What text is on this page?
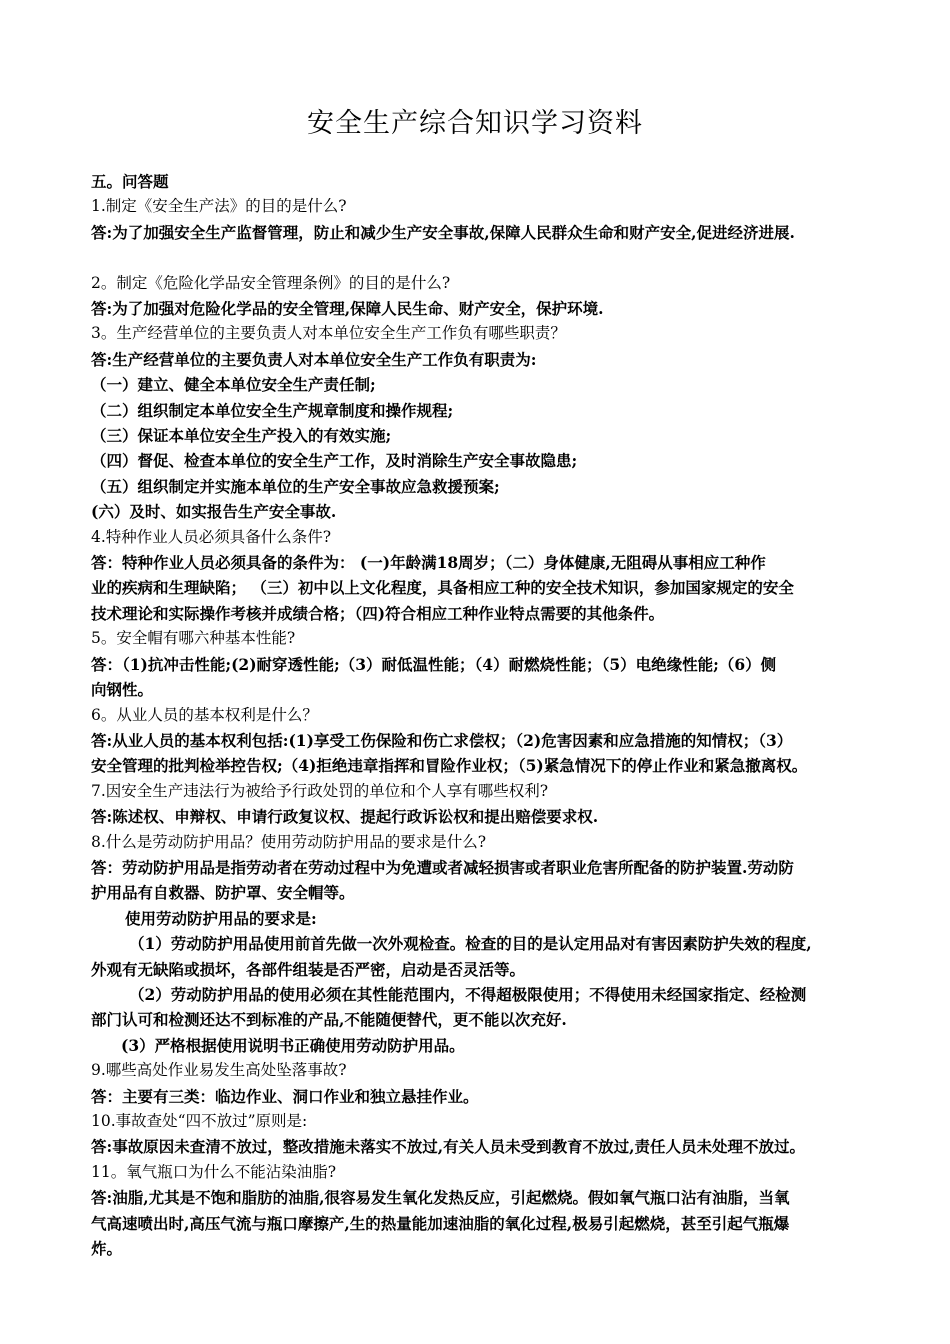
安全生产综合知识学习资料
五。问答题
1.制定《安全生产法》的目的是什么?
答:为了加强安全生产监督管理，防止和减少生产安全事故,保障人民群众生命和财产安全,促进经济进展.
2。制定《危险化学品安全管理条例》的目的是什么?
答:为了加强对危险化学品的安全管理,保障人民生命、财产安全，保护环境.
3。生产经营单位的主要负责人对本单位安全生产工作负有哪些职责？
答:生产经营单位的主要负责人对本单位安全生产工作负有职责为:
（一）建立、健全本单位安全生产责任制;
（二）组织制定本单位安全生产规章制度和操作规程;
（三）保证本单位安全生产投入的有效实施;
（四）督促、检查本单位的安全生产工作，及时消除生产安全事故隐患;
（五）组织制定并实施本单位的生产安全事故应急救援预案;
(六）及时、如实报告生产安全事故.
4.特种作业人员必须具备什么条件?
答：特种作业人员必须具备的条件为： (一)年龄满18周岁；（二）身体健康,无阻碍从事相应工种作
业的疾病和生理缺陷； （三）初中以上文化程度，具备相应工种的安全技术知识，参加国家规定的安全
技术理论和实际操作考核并成绩合格；（四)符合相应工种作业特点需要的其他条件。
5。安全帽有哪六种基本性能?
答：（1)抗冲击性能;(2)耐穿透性能;（3）耐低温性能；（4）耐燃烧性能；（5）电绝缘性能;（6）侧
向钢性。
6。从业人员的基本权利是什么？
答:从业人员的基本权利包括:(1)享受工伤保险和伤亡求偿权；（2)危害因素和应急措施的知情权；（3）
安全管理的批判检举控告权;（4)拒绝违章指挥和冒险作业权；（5)紧急情况下的停止作业和紧急撤离权。
7.因安全生产违法行为被给予行政处罚的单位和个人享有哪些权利?
答:陈述权、申辩权、申请行政复议权、提起行政诉讼权和提出赔偿要求权.
8.什么是劳动防护用品？使用劳动防护用品的要求是什么?
答：劳动防护用品是指劳动者在劳动过程中为免遭或者减轻损害或者职业危害所配备的防护装置.劳动防
护用品有自救器、防护罩、安全帽等。
使用劳动防护用品的要求是:
（1）劳动防护用品使用前首先做一次外观检查。检查的目的是认定用品对有害因素防护失效的程度,
外观有无缺陷或损坏，各部件组装是否严密，启动是否灵活等。
（2）劳动防护用品的使用必须在其性能范围内，不得超极限使用；不得使用未经国家指定、经检测
部门认可和检测还达不到标准的产品,不能随便替代，更不能以次充好.
(3）严格根据使用说明书正确使用劳动防护用品。
9.哪些高处作业易发生高处坠落事故?
答：主要有三类：临边作业、洞口作业和独立悬挂作业。
10.事故查处“四不放过”原则是:
答:事故原因未查清不放过，整改措施未落实不放过,有关人员未受到教育不放过,责任人员未处理不放过。
11。氧气瓶口为什么不能沾染油脂?
答:油脂,尤其是不饱和脂肪的油脂,很容易发生氧化发热反应，引起燃烧。假如氧气瓶口沾有油脂，当氧
气高速喷出时,高压气流与瓶口摩擦产,生的热量能加速油脂的氧化过程,极易引起燃烧，甚至引起气瓶爆
炸。
